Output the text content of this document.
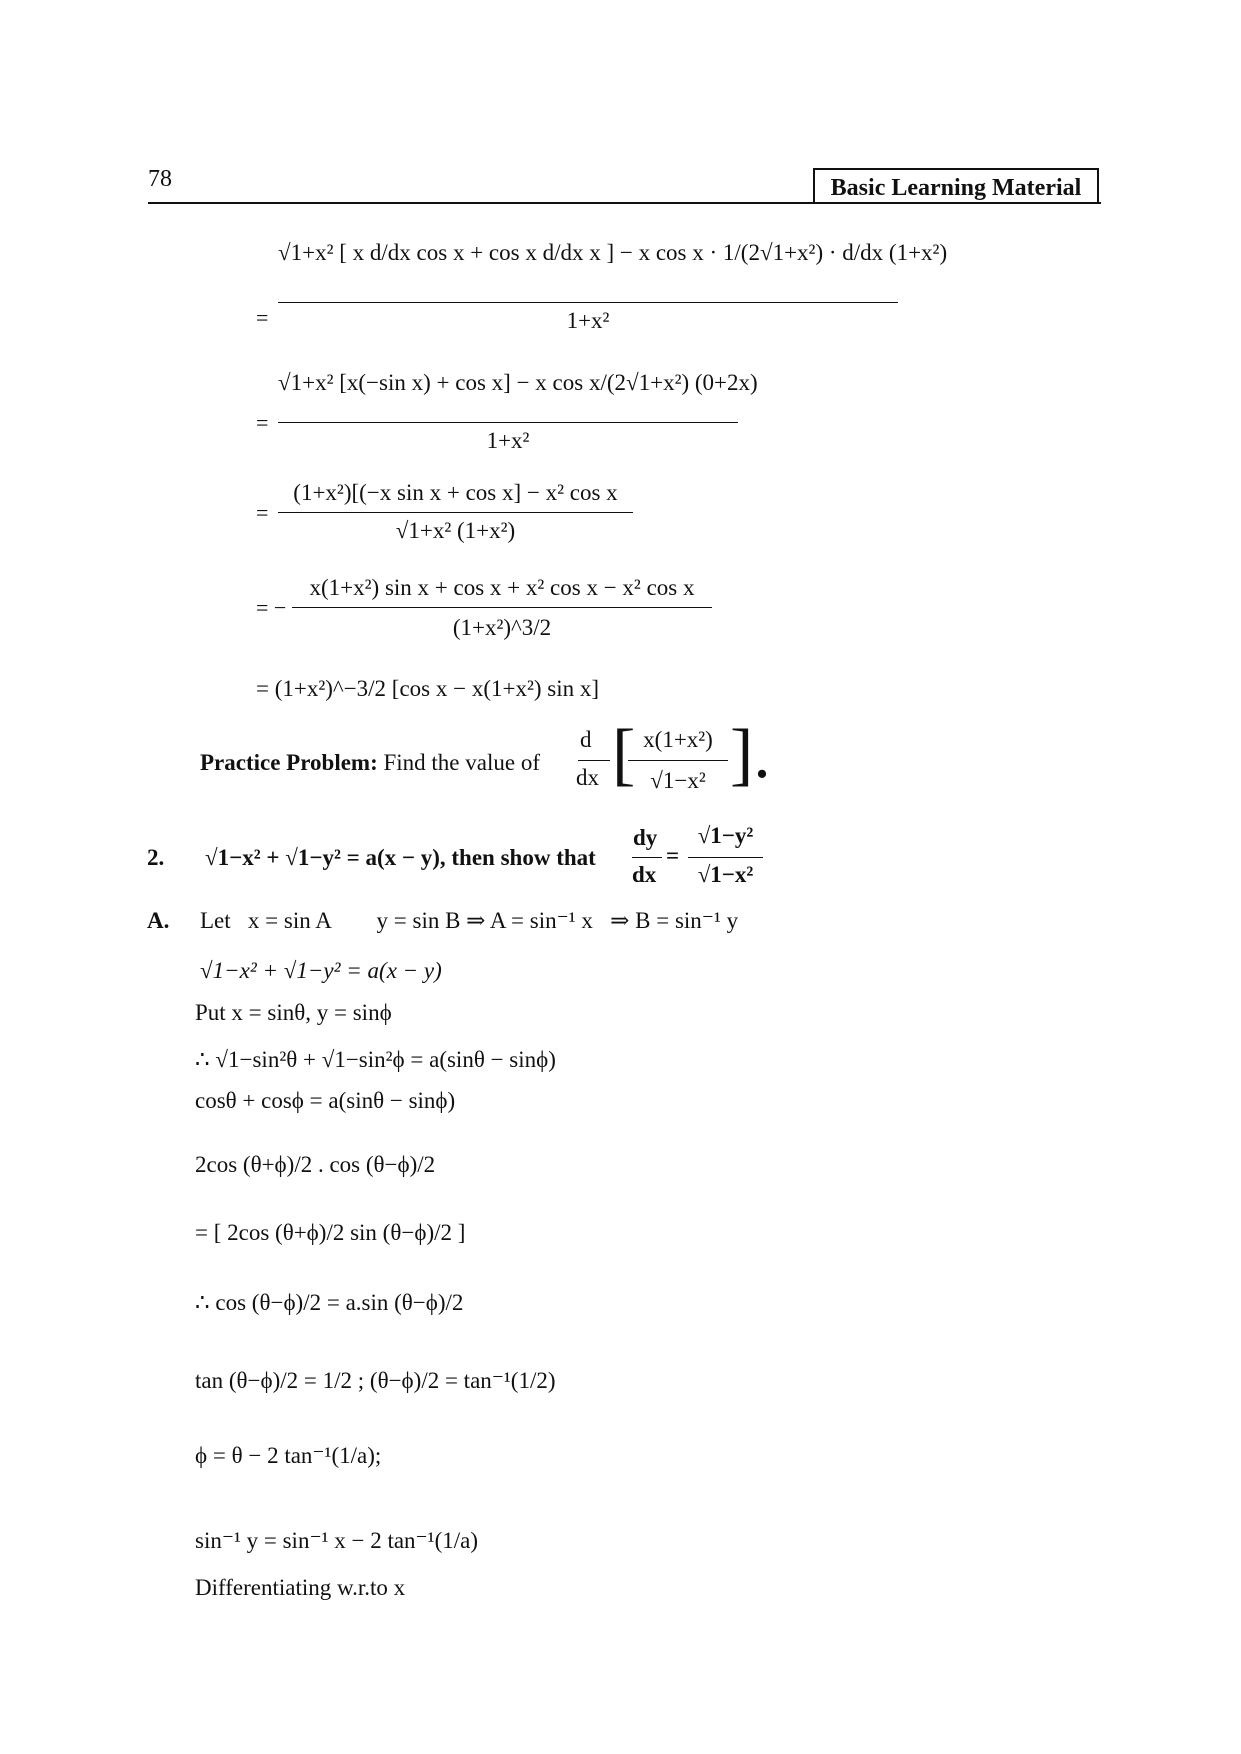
78	Basic Learning Material
=
√1+x² [ x d/dx cos x + cos x d/dx x ] − x cos x · 1/(2√1+x²) · d/dx (1+x²)
1+x²
=
√1+x² [x(−sin x) + cos x] − x cos x/(2√1+x²) (0+2x)
1+x²
=
(1+x²)[(−x sin x + cos x] − x² cos x
√1+x² (1+x²)
= −
x(1+x²) sin x + cos x + x² cos x − x² cos x
(1+x²)^3/2
= (1+x²)^−3/2 [cos x − x(1+x²) sin x]
Practice Problem: Find the value of
d
dx [ x(1+x²)
√1−x² ].
2. √1−x² + √1−y² = a(x − y), then show that
dy
dx
=
√1−y²
√1−x²
A. Let   x = sin A        y = sin B ⇒ A = sin⁻¹ x   ⇒ B = sin⁻¹ y
√1−x² + √1−y² = a(x − y)
Put x = sinθ, y = sinϕ
∴ √1−sin²θ + √1−sin²ϕ = a(sinθ − sinϕ)
cosθ + cosϕ = a(sinθ − sinϕ)
2cos (θ+ϕ)/2 . cos (θ−ϕ)/2
= [ 2cos (θ+ϕ)/2 sin (θ−ϕ)/2 ]
∴ cos (θ−ϕ)/2 = a.sin (θ−ϕ)/2
tan (θ−ϕ)/2 = 1/2 ; (θ−ϕ)/2 = tan⁻¹(1/2)
ϕ = θ − 2 tan⁻¹(1/a);
sin⁻¹ y = sin⁻¹ x − 2 tan⁻¹(1/a)
Differentiating w.r.to x
